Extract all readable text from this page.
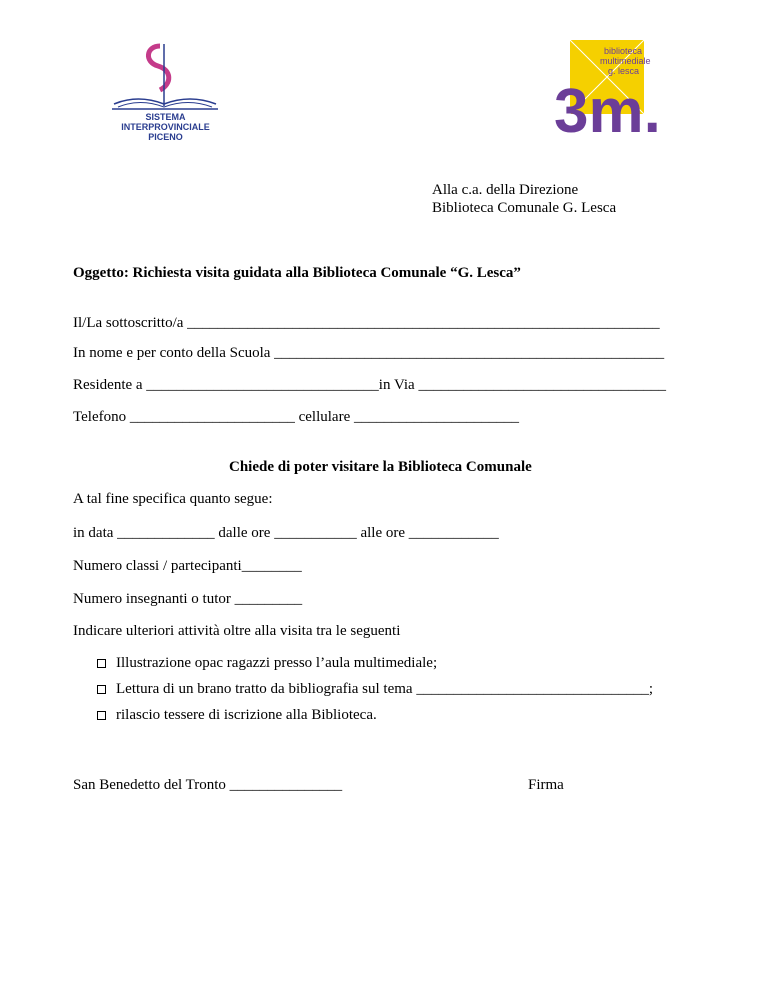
SISTEMA
INTERPROVINCIALE
PICENO
biblioteca
multimediale
g. lesca
3m.
Alla c.a. della Direzione
Biblioteca Comunale G. Lesca
Oggetto: Richiesta visita guidata alla Biblioteca Comunale “G. Lesca”
Il/La sottoscritto/a _______________________________________________________________
In nome e per conto della Scuola ____________________________________________________
Residente a _______________________________in Via _________________________________
Telefono ______________________ cellulare ______________________
Chiede di poter visitare la Biblioteca Comunale
A tal fine specifica quanto segue:
in data _____________ dalle ore ___________ alle ore ____________
Numero classi / partecipanti________
Numero insegnanti o tutor _________
Indicare ulteriori attività oltre alla visita tra le seguenti
Illustrazione opac ragazzi presso l’aula multimediale;
Lettura di un brano tratto da bibliografia sul tema _______________________________;
rilascio tessere di iscrizione alla Biblioteca.
San Benedetto del Tronto _______________	Firma
